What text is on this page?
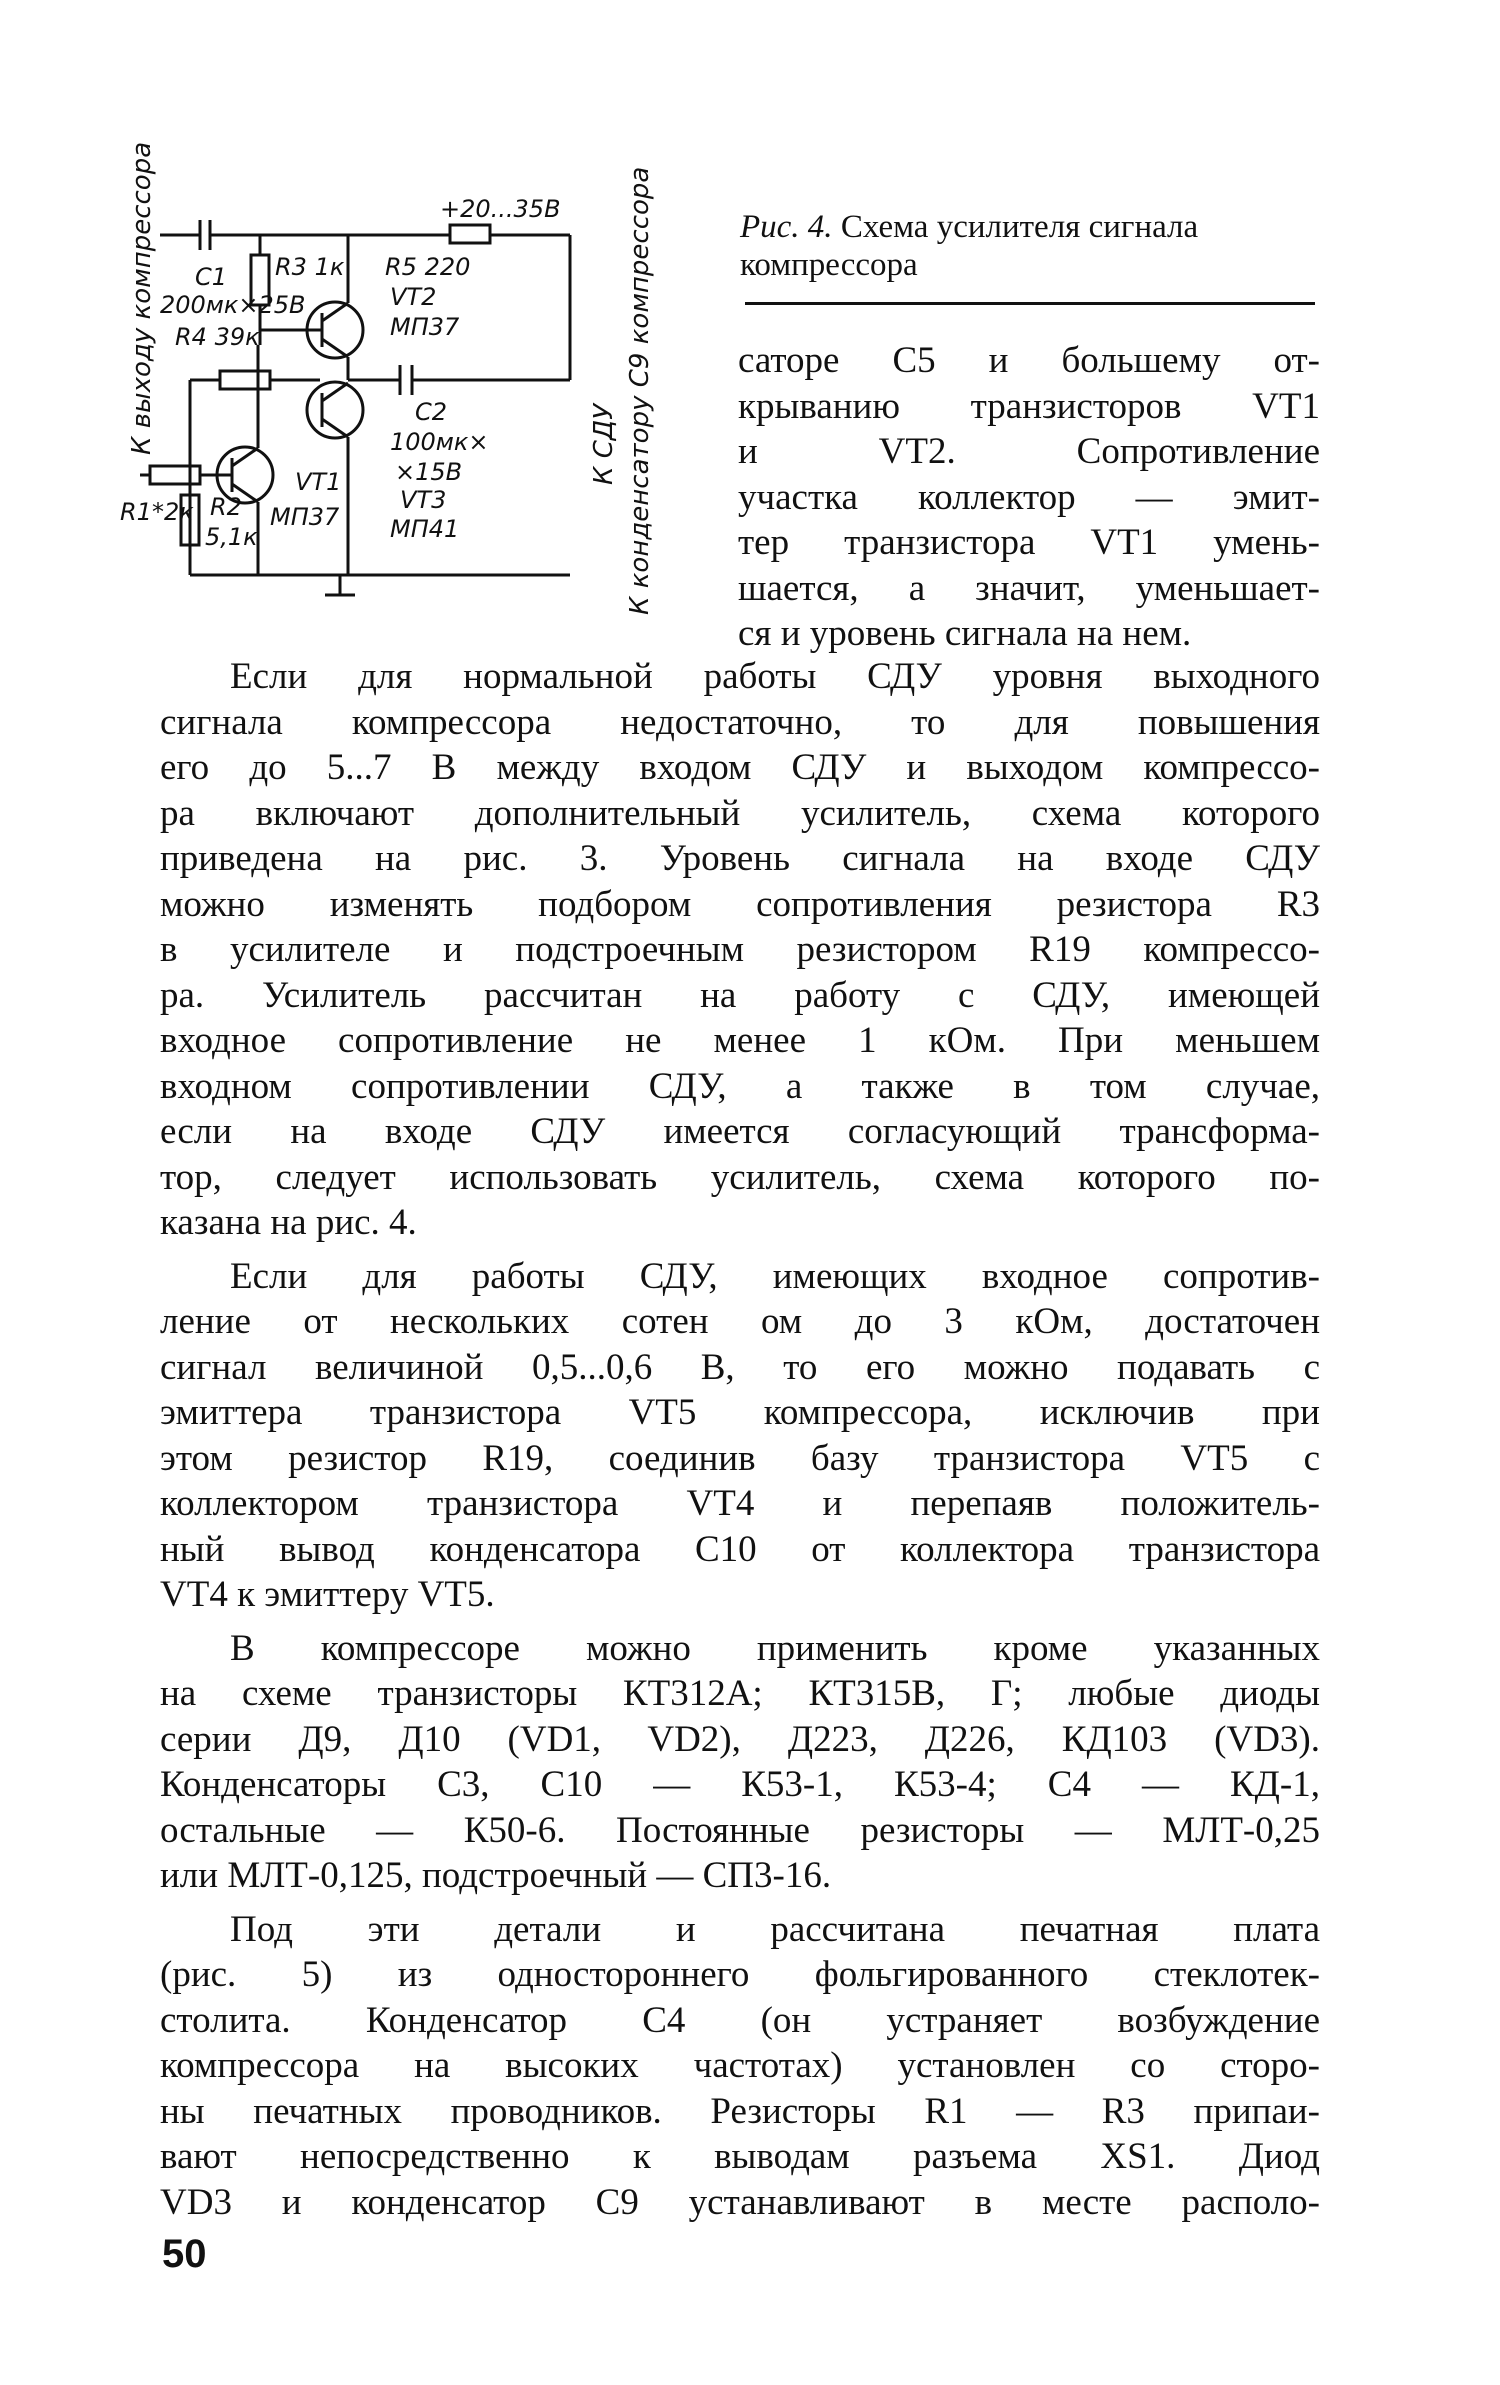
+20...35В
C1
200мк×25В
R4 39к
R3 1к R5 220
VT2
МП37
C2
100мк×
×15В
VT3
МП41
VT1
МП37
R1*2к R2
5,1к
К выходу компрессора	К СДУ К конденсатору C9 компрессора	Рис. 4. Схема усилителя сигнала компрессора
саторе С5 и большему от-
крыванию транзисторов VT1
и VT2. Сопротивление
участка коллектор — эмит-
тер транзистора VT1 умень-
шается, а значит, уменьшает-
ся и уровень сигнала на нем.
Если для нормальной работы СДУ уровня выходного
сигнала компрессора недостаточно, то для повышения
его до 5...7 В между входом СДУ и выходом компрессо-
ра включают дополнительный усилитель, схема которого
приведена на рис. 3. Уровень сигнала на входе СДУ
можно изменять подбором сопротивления резистора R3
в усилителе и подстроечным резистором R19 компрессо-
ра. Усилитель рассчитан на работу с СДУ, имеющей
входное сопротивление не менее 1 кОм. При меньшем
входном сопротивлении СДУ, а также в том случае,
если на входе СДУ имеется согласующий трансформа-
тор, следует использовать усилитель, схема которого по-
казана на рис. 4.
Если для работы СДУ, имеющих входное сопротив-
ление от нескольких сотен ом до 3 кОм, достаточен
сигнал величиной 0,5...0,6 В, то его можно подавать с
эмиттера транзистора VT5 компрессора, исключив при
этом резистор R19, соединив базу транзистора VT5 с
коллектором транзистора VT4 и перепаяв положитель-
ный вывод конденсатора С10 от коллектора транзистора
VT4 к эмиттеру VT5.
В компрессоре можно применить кроме указанных
на схеме транзисторы КТ312А; КТ315В, Г; любые диоды
серии Д9, Д10 (VD1, VD2), Д223, Д226, КД103 (VD3).
Конденсаторы С3, С10 — К53-1, К53-4; С4 — КД-1,
остальные — К50-6. Постоянные резисторы — МЛТ-0,25
или МЛТ-0,125, подстроечный — СП3-16.
Под эти детали и рассчитана печатная плата
(рис. 5) из одностороннего фольгированного стеклотек-
столита. Конденсатор С4 (он устраняет возбуждение
компрессора на высоких частотах) установлен со сторо-
ны печатных проводников. Резисторы R1 — R3 припаи-
вают непосредственно к выводам разъема XS1. Диод
VD3 и конденсатор С9 устанавливают в месте располо-
50
